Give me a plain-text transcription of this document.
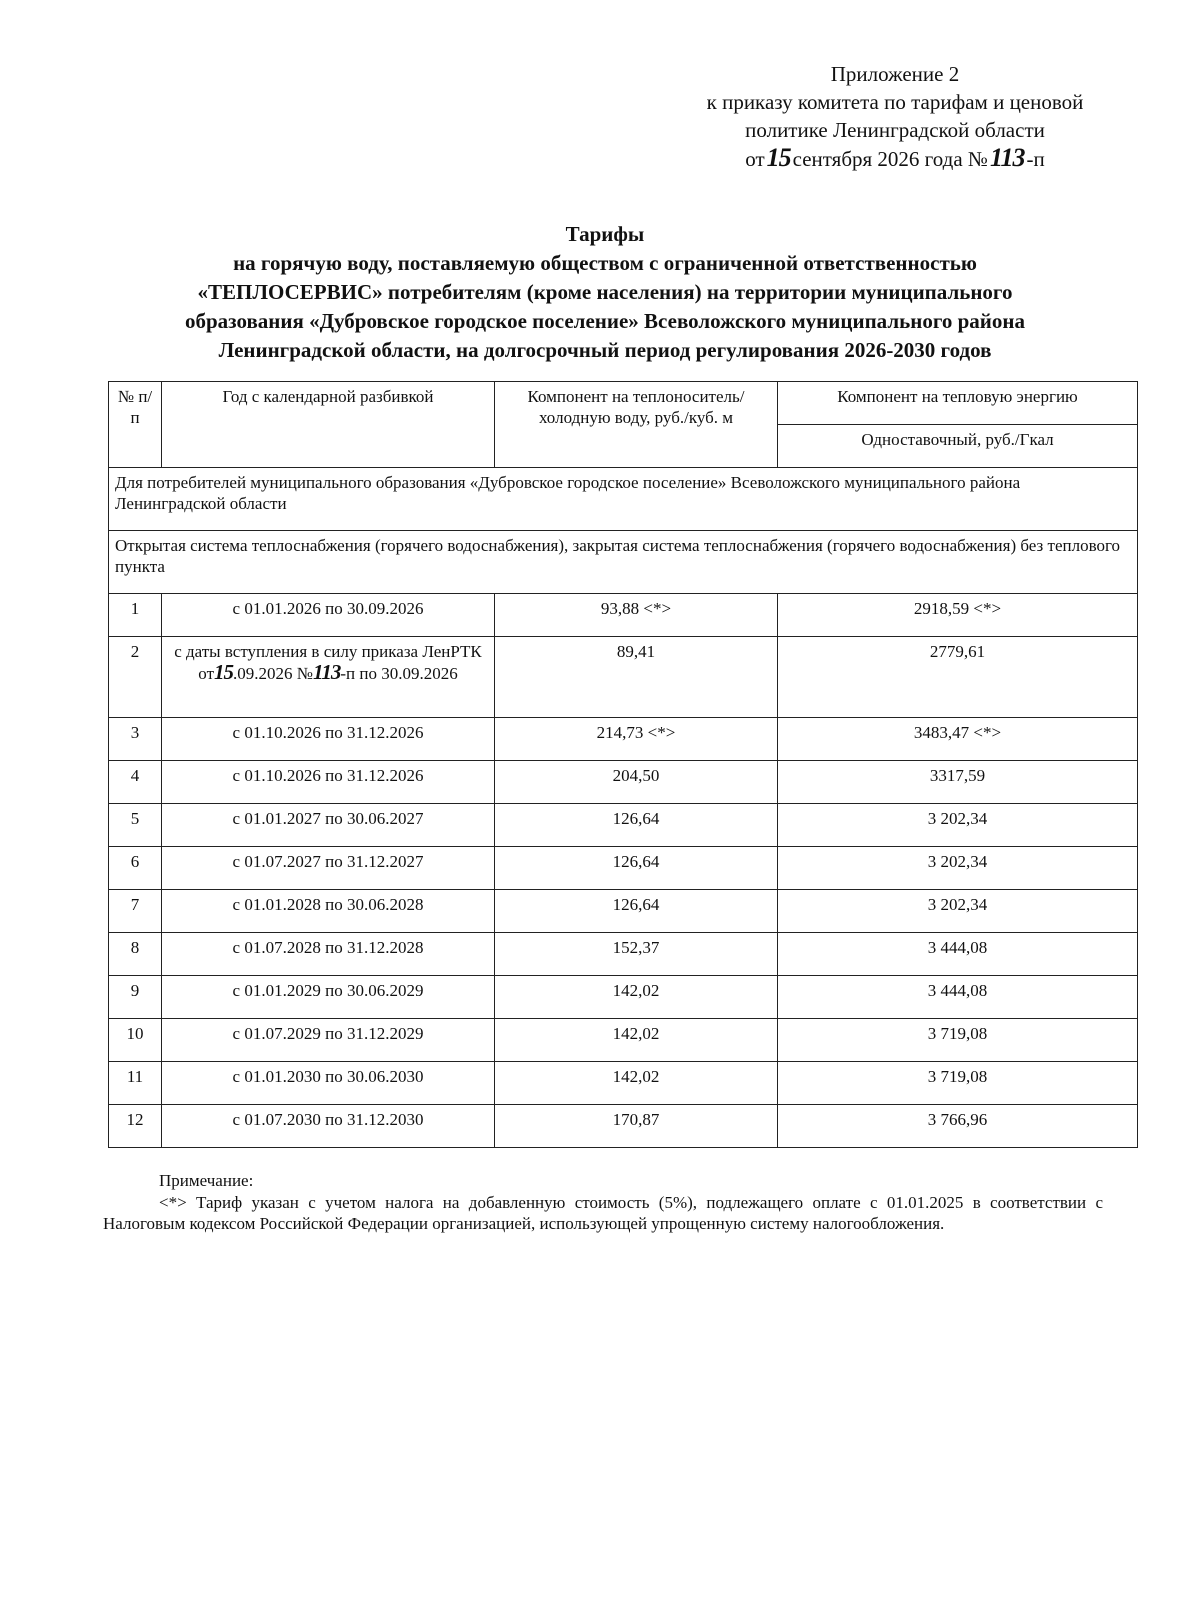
Приложение 2
к приказу комитета по тарифам и ценовой
политике Ленинградской области
от15сентября 2026 года №113-п
Тарифы
на горячую воду, поставляемую обществом с ограниченной ответственностью
«ТЕПЛОСЕРВИС» потребителям (кроме населения) на территории муниципального
образования «Дубровское городское поселение» Всеволожского муниципального района
Ленинградской области, на долгосрочный период регулирования 2026-2030 годов
№ п/п	Год с календарной разбивкой	Компонент на теплоноситель/холодную воду, руб./куб. м	Компонент на тепловую энергию
			Одноставочный, руб./Гкал
Для потребителей муниципального образования «Дубровское городское поселение» Всеволожского муниципального района Ленинградской области			
Открытая система теплоснабжения (горячего водоснабжения), закрытая система теплоснабжения (горячего водоснабжения) без теплового пункта			
1	с 01.01.2026 по 30.09.2026	93,88 <*>	2918,59 <*>
2	с даты вступления в силу приказа ЛенРТК от15.09.2026 №113-п по 30.09.2026	89,41	2779,61
3	с 01.10.2026 по 31.12.2026	214,73 <*>	3483,47 <*>
4	с 01.10.2026 по 31.12.2026	204,50	3317,59
5	с 01.01.2027 по 30.06.2027	126,64	3 202,34
6	с 01.07.2027 по 31.12.2027	126,64	3 202,34
7	с 01.01.2028 по 30.06.2028	126,64	3 202,34
8	с 01.07.2028 по 31.12.2028	152,37	3 444,08
9	с 01.01.2029 по 30.06.2029	142,02	3 444,08
10	с 01.07.2029 по 31.12.2029	142,02	3 719,08
11	с 01.01.2030 по 30.06.2030	142,02	3 719,08
12	с 01.07.2030 по 31.12.2030	170,87	3 766,96
Примечание:
<*> Тариф указан с учетом налога на добавленную стоимость (5%), подлежащего оплате с 01.01.2025 в соответствии с Налоговым кодексом Российской Федерации организацией, использующей упрощенную систему налогообложения.
